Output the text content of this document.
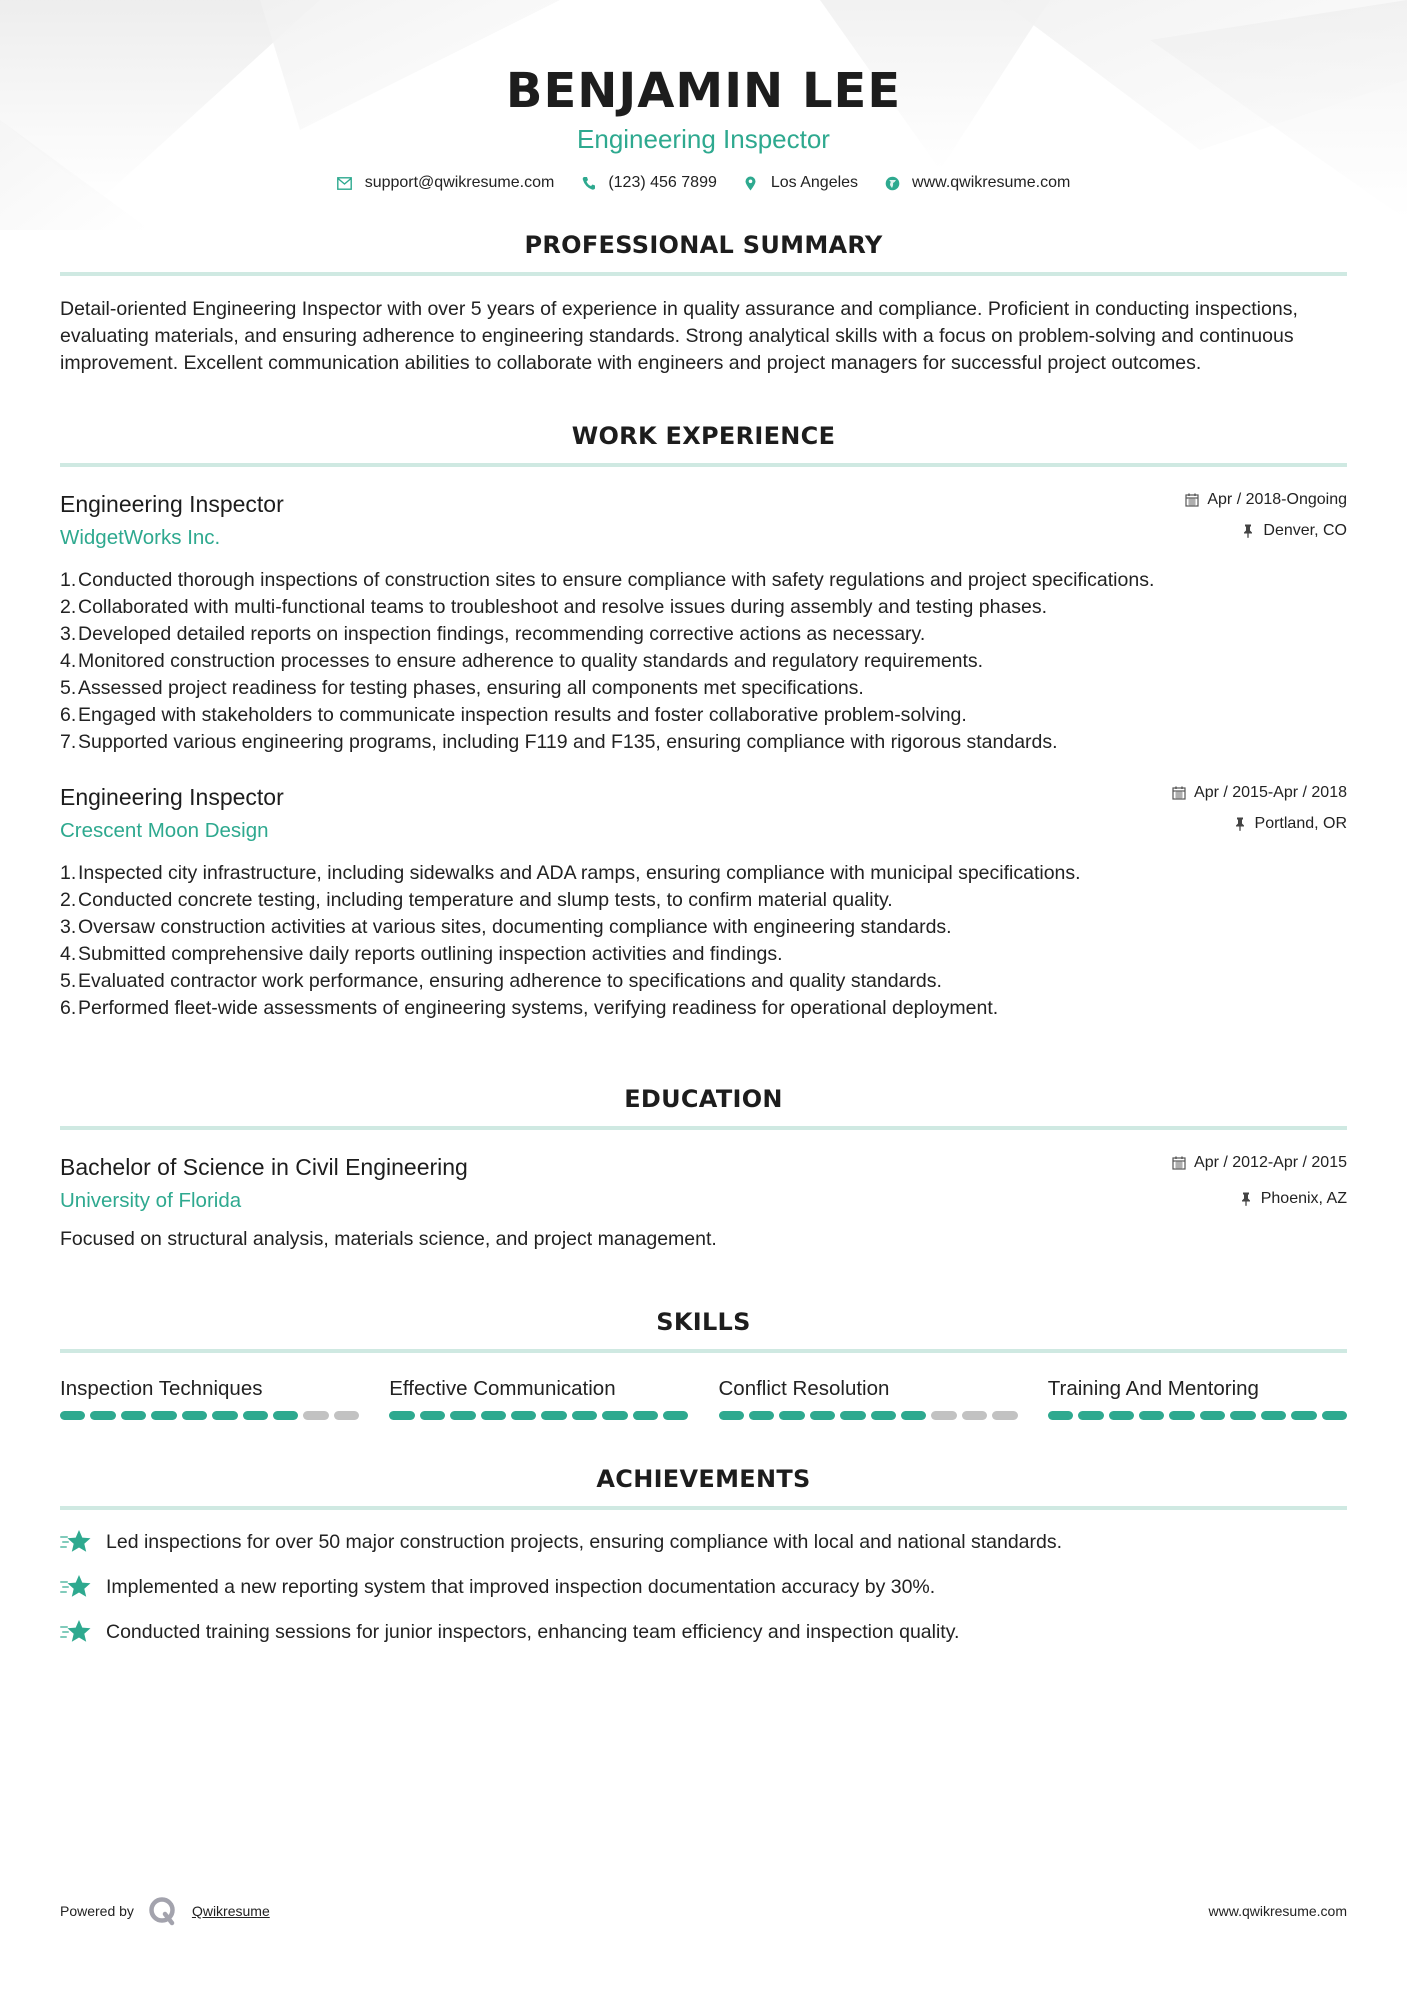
BENJAMIN LEE
Engineering Inspector
support@qwikresume.com	(123) 456 7899	Los Angeles	www.qwikresume.com
PROFESSIONAL SUMMARY

Detail-oriented Engineering Inspector with over 5 years of experience in quality assurance and compliance. Proficient in conducting inspections, evaluating materials, and ensuring adherence to engineering standards. Strong analytical skills with a focus on problem-solving and continuous improvement. Excellent communication abilities to collaborate with engineers and project managers for successful project outcomes.

WORK EXPERIENCE
Engineering Inspector
WidgetWorks Inc.
Apr / 2018-Ongoing
Denver, CO
1. Conducted thorough inspections of construction sites to ensure compliance with safety regulations and project specifications.
2. Collaborated with multi-functional teams to troubleshoot and resolve issues during assembly and testing phases.
3. Developed detailed reports on inspection findings, recommending corrective actions as necessary.
4. Monitored construction processes to ensure adherence to quality standards and regulatory requirements.
5. Assessed project readiness for testing phases, ensuring all components met specifications.
6. Engaged with stakeholders to communicate inspection results and foster collaborative problem-solving.
7. Supported various engineering programs, including F119 and F135, ensuring compliance with rigorous standards.
Engineering Inspector
Crescent Moon Design
Apr / 2015-Apr / 2018
Portland, OR
1. Inspected city infrastructure, including sidewalks and ADA ramps, ensuring compliance with municipal specifications.
2. Conducted concrete testing, including temperature and slump tests, to confirm material quality.
3. Oversaw construction activities at various sites, documenting compliance with engineering standards.
4. Submitted comprehensive daily reports outlining inspection activities and findings.
5. Evaluated contractor work performance, ensuring adherence to specifications and quality standards.
6. Performed fleet-wide assessments of engineering systems, verifying readiness for operational deployment.
EDUCATION
Bachelor of Science in Civil Engineering
University of Florida
Apr / 2012-Apr / 2015
Phoenix, AZ

Focused on structural analysis, materials science, and project management.

SKILLS
Inspection Techniques	Effective Communication	Conflict Resolution	Training And Mentoring
ACHIEVEMENTS
Led inspections for over 50 major construction projects, ensuring compliance with local and national standards.
Implemented a new reporting system that improved inspection documentation accuracy by 30%.
Conducted training sessions for junior inspectors, enhancing team efficiency and inspection quality.
Powered by	Qwikresume	www.qwikresume.com
